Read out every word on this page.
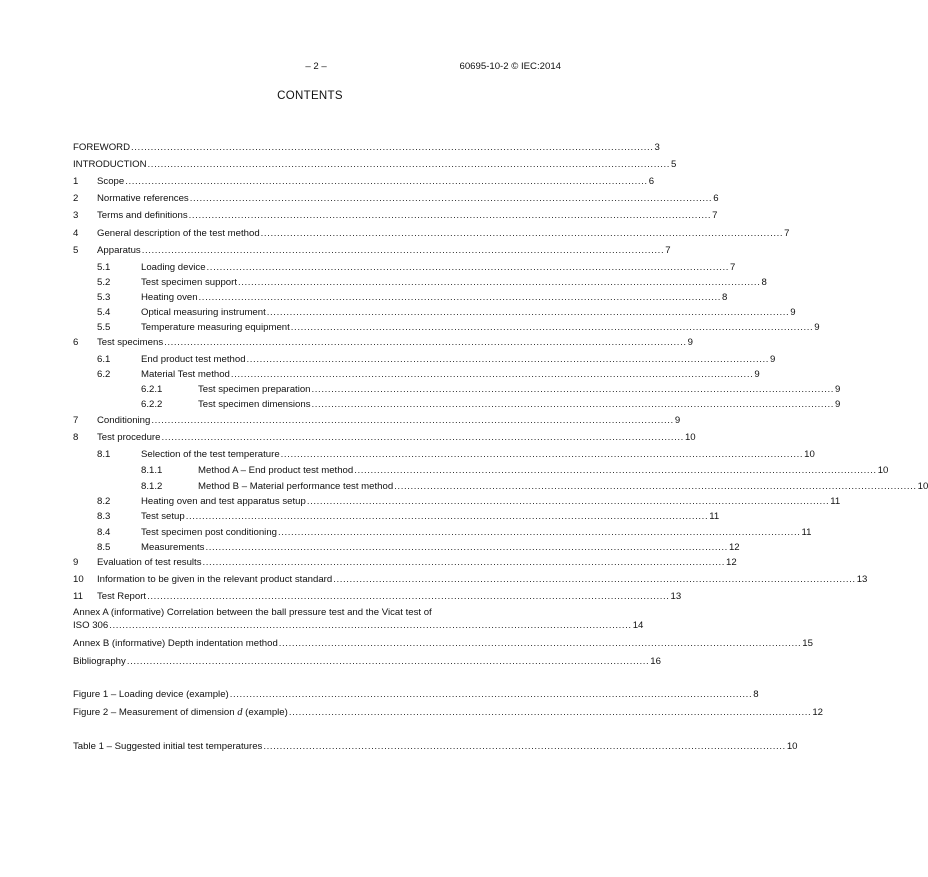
– 2 –	60695-10-2 © IEC:2014
CONTENTS
FOREWORD ................................................................................................................................................................ 3
INTRODUCTION ................................................................................................................................................................ 5
1	Scope ................................................................................................................................................................ 6
2	Normative references ................................................................................................................................................................ 6
3	Terms and definitions ................................................................................................................................................................ 7
4	General description of the test method ................................................................................................................................................................ 7
5	Apparatus ................................................................................................................................................................ 7
5.1	Loading device ................................................................................................................................................................ 7
5.2	Test specimen support ................................................................................................................................................................ 8
5.3	Heating oven ................................................................................................................................................................ 8
5.4	Optical measuring instrument ................................................................................................................................................................ 9
5.5	Temperature measuring equipment ................................................................................................................................................................ 9
6	Test specimens ................................................................................................................................................................ 9
6.1	End product test method ................................................................................................................................................................ 9
6.2	Material Test method ................................................................................................................................................................ 9
6.2.1	Test specimen preparation ................................................................................................................................................................ 9
6.2.2	Test specimen dimensions ................................................................................................................................................................ 9
7	Conditioning ................................................................................................................................................................ 9
8	Test procedure ................................................................................................................................................................ 10
8.1	Selection of the test temperature ................................................................................................................................................................ 10
8.1.1	Method A – End product test method ................................................................................................................................................................ 10
8.1.2	Method B – Material performance test method ................................................................................................................................................................ 10
8.2	Heating oven and test apparatus setup ................................................................................................................................................................ 11
8.3	Test setup ................................................................................................................................................................ 11
8.4	Test specimen post conditioning ................................................................................................................................................................ 11
8.5	Measurements ................................................................................................................................................................ 12
9	Evaluation of test results ................................................................................................................................................................ 12
10	Information to be given in the relevant product standard ................................................................................................................................................................ 13
11	Test Report ................................................................................................................................................................ 13
Annex A (informative) Correlation between the ball pressure test and the Vicat test of
ISO 306 ................................................................................................................................................................ 14
Annex B (informative) Depth indentation method ................................................................................................................................................................ 15
Bibliography ................................................................................................................................................................ 16
Figure 1 – Loading device (example) ................................................................................................................................................................ 8
Figure 2 – Measurement of dimension d (example) ................................................................................................................................................................ 12
Table 1 – Suggested initial test temperatures ................................................................................................................................................................ 10
